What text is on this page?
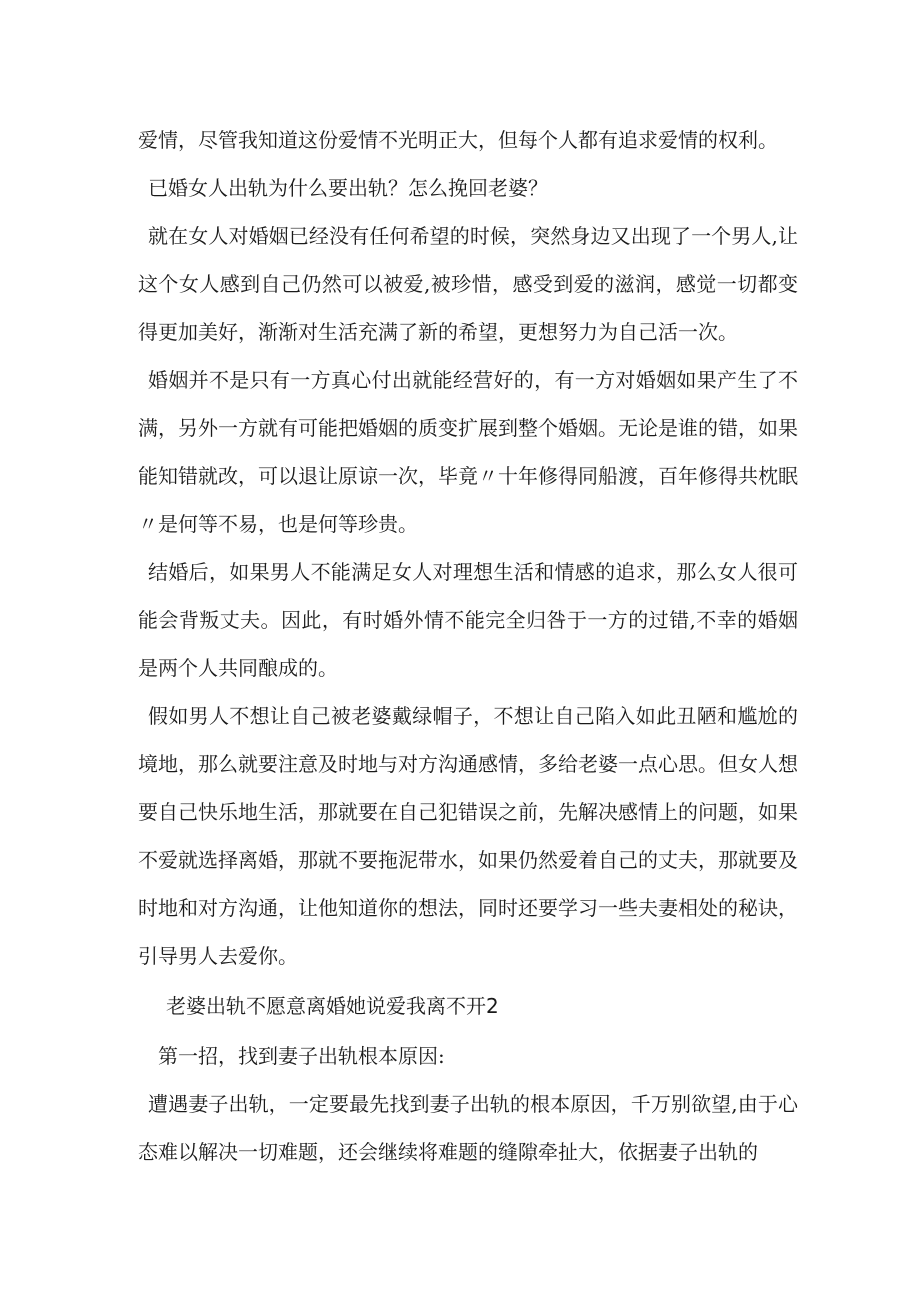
爱情，尽管我知道这份爱情不光明正大，但每个人都有追求爱情的权利。

已婚女人出轨为什么要出轨？怎么挽回老婆？

就在女人对婚姻已经没有任何希望的时候，突然身边又出现了一个男人,让这个女人感到自己仍然可以被爱,被珍惜，感受到爱的滋润，感觉一切都变得更加美好，渐渐对生活充满了新的希望，更想努力为自己活一次。

婚姻并不是只有一方真心付出就能经营好的，有一方对婚姻如果产生了不满，另外一方就有可能把婚姻的质变扩展到整个婚姻。无论是谁的错，如果能知错就改，可以退让原谅一次，毕竟〃十年修得同船渡，百年修得共枕眠〃是何等不易，也是何等珍贵。

结婚后，如果男人不能满足女人对理想生活和情感的追求，那么女人很可能会背叛丈夫。因此，有时婚外情不能完全归咎于一方的过错,不幸的婚姻是两个人共同酿成的。

假如男人不想让自己被老婆戴绿帽子，不想让自己陷入如此丑陋和尴尬的境地，那么就要注意及时地与对方沟通感情，多给老婆一点心思。但女人想要自己快乐地生活，那就要在自己犯错误之前，先解决感情上的问题，如果不爱就选择离婚，那就不要拖泥带水，如果仍然爱着自己的丈夫，那就要及时地和对方沟通，让他知道你的想法，同时还要学习一些夫妻相处的秘诀，引导男人去爱你。

老婆出轨不愿意离婚她说爱我离不开2

第一招，找到妻子出轨根本原因:

遭遇妻子出轨，一定要最先找到妻子出轨的根本原因，千万别欲望,由于心态难以解决一切难题，还会继续将难题的缝隙牵扯大，依据妻子出轨的
